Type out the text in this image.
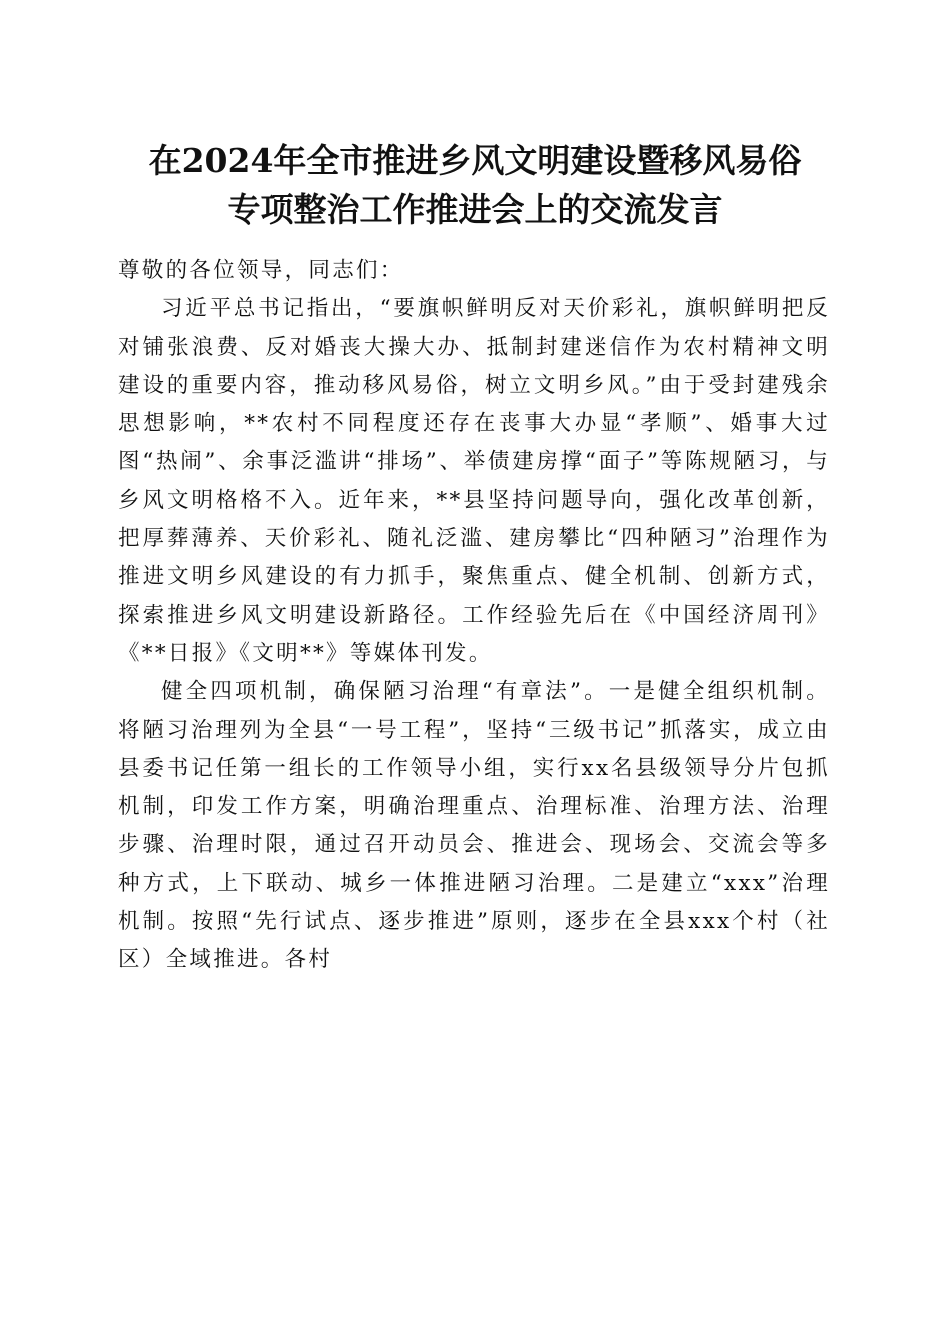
在2024年全市推进乡风文明建设暨移风易俗
专项整治工作推进会上的交流发言

尊敬的各位领导，同志们：

习近平总书记指出，“要旗帜鲜明反对天价彩礼，旗帜鲜明把反对铺张浪费、反对婚丧大操大办、抵制封建迷信作为农村精神文明建设的重要内容，推动移风易俗，树立文明乡风。”由于受封建残余思想影响，**农村不同程度还存在丧事大办显“孝顺”、婚事大过图“热闹”、余事泛滥讲“排场”、举债建房撑“面子”等陈规陋习，与乡风文明格格不入。近年来，**县坚持问题导向，强化改革创新，把厚葬薄养、天价彩礼、随礼泛滥、建房攀比“四种陋习”治理作为推进文明乡风建设的有力抓手，聚焦重点、健全机制、创新方式，探索推进乡风文明建设新路径。工作经验先后在《中国经济周刊》《**日报》《文明**》等媒体刊发。

健全四项机制，确保陋习治理“有章法”。一是健全组织机制。将陋习治理列为全县“一号工程”，坚持“三级书记”抓落实，成立由县委书记任第一组长的工作领导小组，实行xx名县级领导分片包抓机制，印发工作方案，明确治理重点、治理标准、治理方法、治理步骤、治理时限，通过召开动员会、推进会、现场会、交流会等多种方式，上下联动、城乡一体推进陋习治理。二是建立“xxx”治理机制。按照“先行试点、逐步推进”原则，逐步在全县xxx个村（社区）全域推进。各村
